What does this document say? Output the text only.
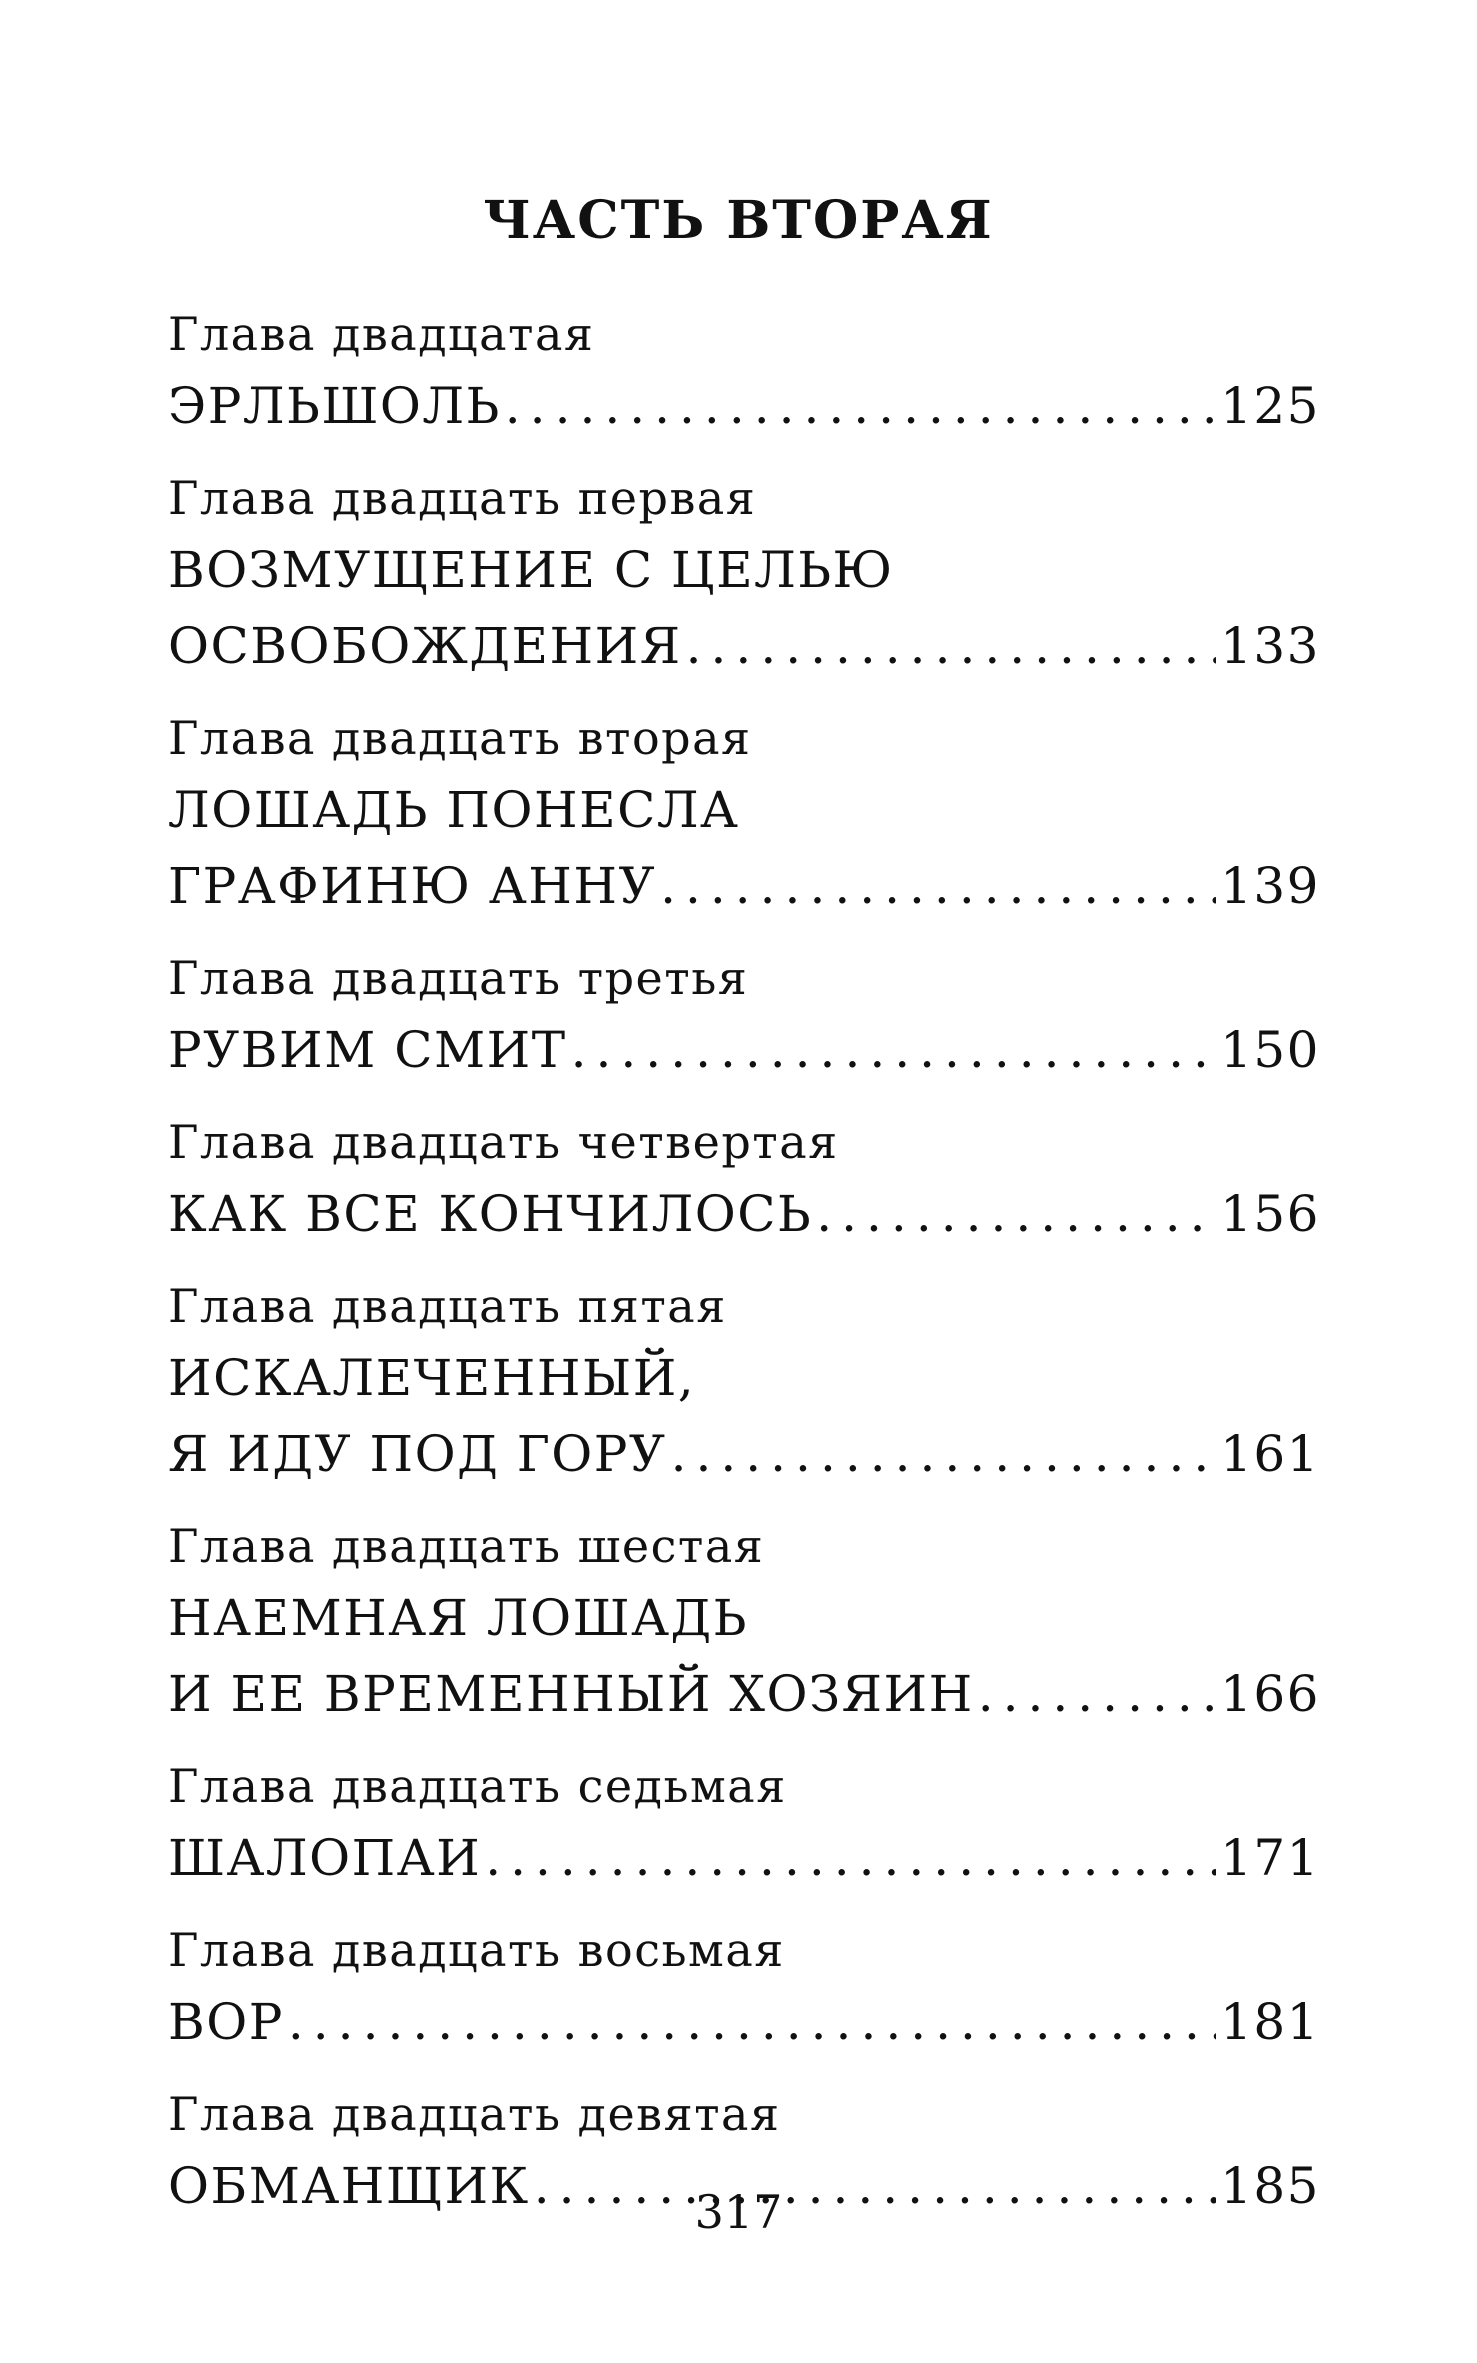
ЧАСТЬ ВТОРАЯ
Глава двадцатая
ЭРЛЬШОЛЬ .....	125
Глава двадцать первая
ВОЗМУЩЕНИЕ С ЦЕЛЬЮ
ОСВОБОЖДЕНИЯ .....	133
Глава двадцать вторая
ЛОШАДЬ ПОНЕСЛА
ГРАФИНЮ АННУ .....	139
Глава двадцать третья
РУВИМ СМИТ .....	150
Глава двадцать четвертая
КАК ВСЕ КОНЧИЛОСЬ .....	156
Глава двадцать пятая
ИСКАЛЕЧЕННЫЙ,
Я ИДУ ПОД ГОРУ .....	161
Глава двадцать шестая
НАЕМНАЯ ЛОШАДЬ
И ЕЕ ВРЕМЕННЫЙ ХОЗЯИН .....	166
Глава двадцать седьмая
ШАЛОПАИ .....	171
Глава двадцать восьмая
ВОР .....	181
Глава двадцать девятая
ОБМАНЩИК .....	185
317
